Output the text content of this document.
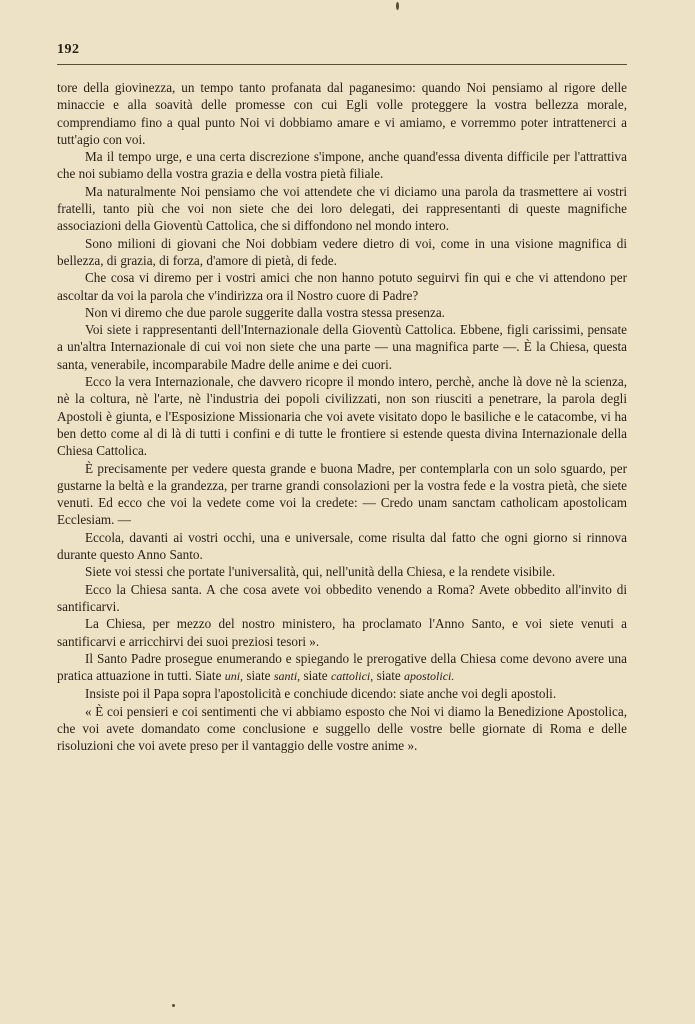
192

tore della giovinezza, un tempo tanto profanata dal paganesimo: quando Noi pensiamo al rigore delle minaccie e alla soavità delle promesse con cui Egli volle proteggere la vostra bellezza morale, comprendiamo fino a qual punto Noi vi dobbiamo amare e vi amiamo, e vorremmo poter intrattenerci a tutt'agio con voi.

Ma il tempo urge, e una certa discrezione s'impone, anche quand'essa diventa difficile per l'attrattiva che noi subiamo della vostra grazia e della vostra pietà filiale.

Ma naturalmente Noi pensiamo che voi attendete che vi diciamo una parola da trasmettere ai vostri fratelli, tanto più che voi non siete che dei loro delegati, dei rappresentanti di queste magnifiche associazioni della Gioventù Cattolica, che si diffondono nel mondo intero.

Sono milioni di giovani che Noi dobbiam vedere dietro di voi, come in una visione magnifica di bellezza, di grazia, di forza, d'amore di pietà, di fede.

Che cosa vi diremo per i vostri amici che non hanno potuto seguirvi fin qui e che vi attendono per ascoltar da voi la parola che v'indirizza ora il Nostro cuore di Padre?

Non vi diremo che due parole suggerite dalla vostra stessa presenza.

Voi siete i rappresentanti dell'Internazionale della Gioventù Cattolica. Ebbene, figli carissimi, pensate a un'altra Internazionale di cui voi non siete che una parte — una magnifica parte —. È la Chiesa, questa santa, venerabile, incomparabile Madre delle anime e dei cuori.

Ecco la vera Internazionale, che davvero ricopre il mondo intero, perchè, anche là dove nè la scienza, nè la coltura, nè l'arte, nè l'industria dei popoli civilizzati, non son riusciti a penetrare, la parola degli Apostoli è giunta, e l'Esposizione Missionaria che voi avete visitato dopo le basiliche e le catacombe, vi ha ben detto come al di là di tutti i confini e di tutte le frontiere si estende questa divina Internazionale della Chiesa Cattolica.

È precisamente per vedere questa grande e buona Madre, per contemplarla con un solo sguardo, per gustarne la beltà e la grandezza, per trarne grandi consolazioni per la vostra fede e la vostra pietà, che siete venuti. Ed ecco che voi la vedete come voi la credete: — Credo unam sanctam catholicam apostolicam Ecclesiam. —

Eccola, davanti ai vostri occhi, una e universale, come risulta dal fatto che ogni giorno si rinnova durante questo Anno Santo.

Siete voi stessi che portate l'universalità, qui, nell'unità della Chiesa, e la rendete visibile.

Ecco la Chiesa santa. A che cosa avete voi obbedito venendo a Roma? Avete obbedito all'invito di santificarvi.

La Chiesa, per mezzo del nostro ministero, ha proclamato l'Anno Santo, e voi siete venuti a santificarvi e arricchirvi dei suoi preziosi tesori ».

Il Santo Padre prosegue enumerando e spiegando le prerogative della Chiesa come devono avere una pratica attuazione in tutti. Siate uni, siate santi, siate cattolici, siate apostolici.

Insiste poi il Papa sopra l'apostolicità e conchiude dicendo: siate anche voi degli apostoli.

« È coi pensieri e coi sentimenti che vi abbiamo esposto che Noi vi diamo la Benedizione Apostolica, che voi avete domandato come conclusione e suggello delle vostre belle giornate di Roma e delle risoluzioni che voi avete preso per il vantaggio delle vostre anime ».
